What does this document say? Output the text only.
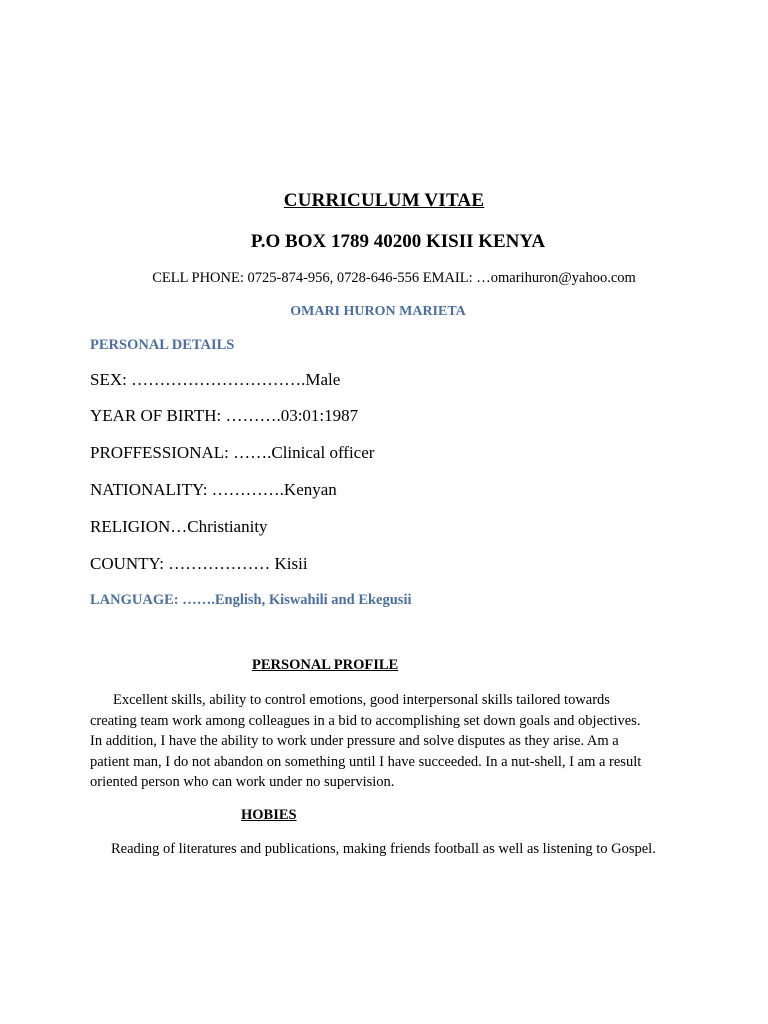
CURRICULUM VITAE
P.O BOX 1789 40200 KISII KENYA
CELL PHONE: 0725-874-956, 0728-646-556 EMAIL: …omarihuron@yahoo.com
OMARI HURON MARIETA
PERSONAL DETAILS
SEX: ………………………….Male
YEAR OF BIRTH: ……….03:01:1987
PROFFESSIONAL: …….Clinical officer
NATIONALITY: ………….Kenyan
RELIGION…Christianity
COUNTY: ……………… Kisii
LANGUAGE: …….English, Kiswahili and Ekegusii
PERSONAL PROFILE
Excellent skills, ability to control emotions, good interpersonal skills tailored towards
creating team work among colleagues in a bid to accomplishing set down goals and objectives.
In addition, I have the ability to work under pressure and solve disputes as they arise. Am a
patient man, I do not abandon on something until I have succeeded. In a nut-shell, I am a result
oriented person who can work under no supervision.
HOBIES
Reading of literatures and publications, making friends football as well as listening to Gospel.
